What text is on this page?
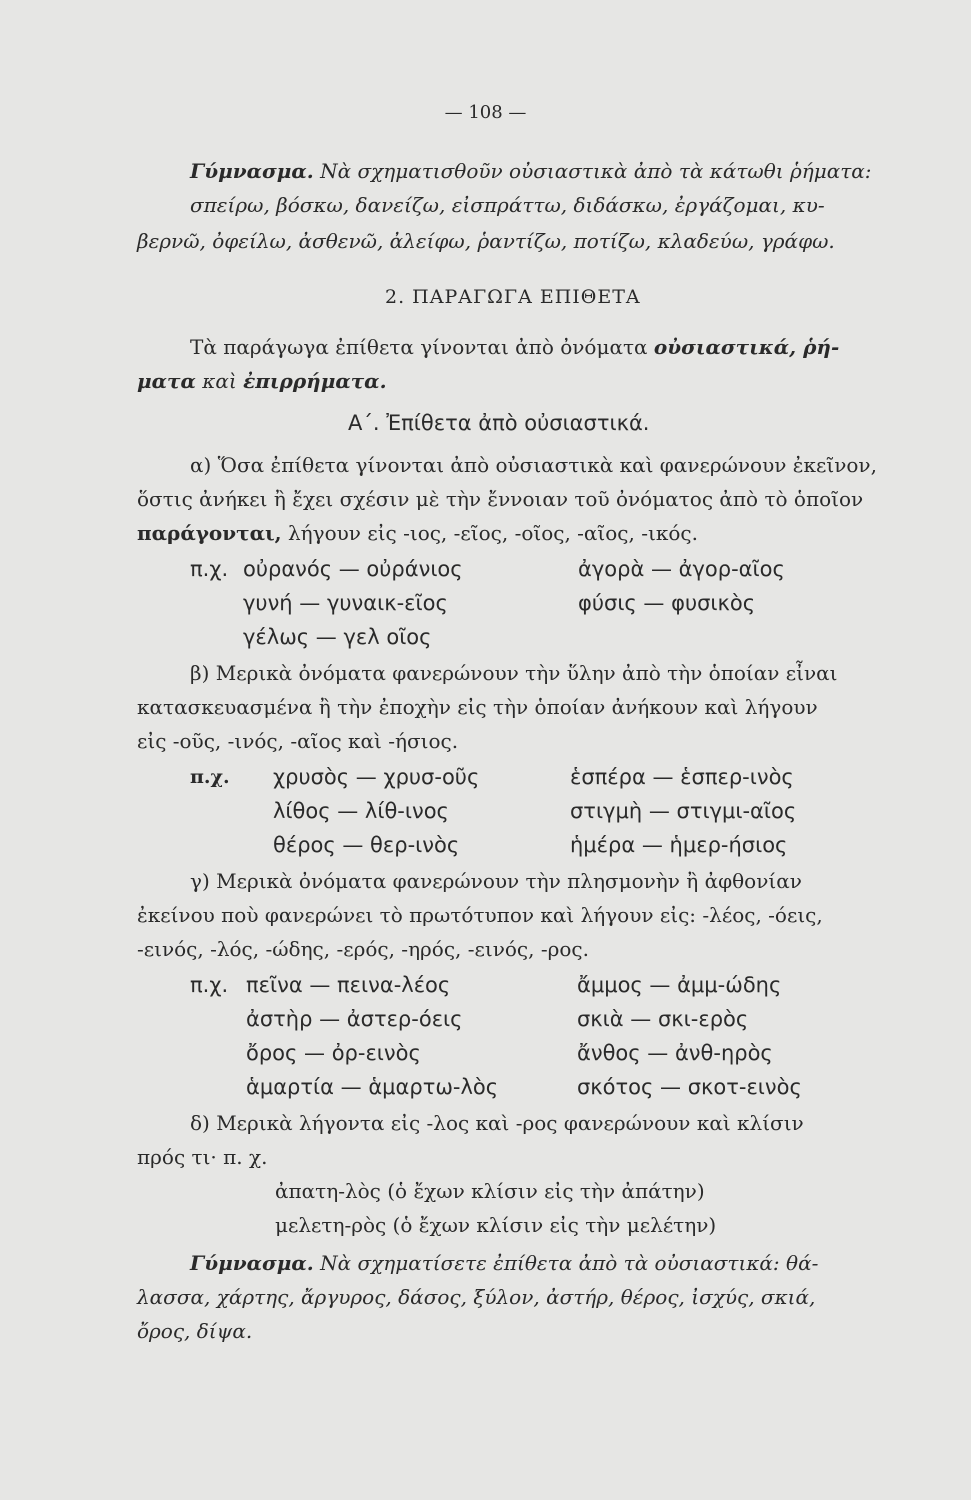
— 108 —
Γύμνασμα. Νὰ σχηματισθοῦν οὐσιαστικὰ ἀπὸ τὰ κάτωθι ῥήματα:
σπείρω, βόσκω, δανείζω, εἰσπράττω, διδάσκω, ἐργάζομαι, κυ-
βερνῶ, ὀφείλω, ἀσθενῶ, ἀλείφω, ῥαντίζω, ποτίζω, κλαδεύω, γράφω.
2. ΠΑΡΑΓΩΓΑ ΕΠΙΘΕΤΑ
Τὰ παράγωγα ἐπίθετα γίνονται ἀπὸ ὀνόματα οὐσιαστικά, ῥή-
ματα καὶ ἐπιρρήματα.
Α΄. Ἐπίθετα ἀπὸ οὐσιαστικά.
α) Ὅσα ἐπίθετα γίνονται ἀπὸ οὐσιαστικὰ καὶ φανερώνουν ἐκεῖνον,
ὅστις ἀνήκει ἢ ἔχει σχέσιν μὲ τὴν ἔννοιαν τοῦ ὀνόματος ἀπὸ τὸ ὁποῖον
παράγονται, λήγουν εἰς -ιος, -εῖος, -οῖος, -αῖος, -ικός.
π.χ. οὐρανός — οὐράνιος
γυνή — γυναικ-εῖος
γέλως — γελ οῖος
ἀγορὰ — ἀγορ-αῖος
φύσις — φυσικὸς
β) Μερικὰ ὀνόματα φανερώνουν τὴν ὕλην ἀπὸ τὴν ὁποίαν εἶναι
κατασκευασμένα ἢ τὴν ἐποχὴν εἰς τὴν ὁποίαν ἀνήκουν καὶ λήγουν
εἰς -οῦς, -ινός, -αῖος καὶ -ήσιος.
π.χ. χρυσὸς — χρυσ-οῦς
λίθος — λίθ-ινος
θέρος — θερ-ινὸς
ἑσπέρα — ἑσπερ-ινὸς
στιγμὴ — στιγμι-αῖος
ἡμέρα — ἡμερ-ήσιος
γ) Μερικὰ ὀνόματα φανερώνουν τὴν πλησμονὴν ἢ ἀφθονίαν
ἐκείνου ποὺ φανερώνει τὸ πρωτότυπον καὶ λήγουν εἰς: -λέος, -όεις,
-εινός, -λός, -ώδης, -ερός, -ηρός, -εινός, -ρος.
π.χ. πεῖνα — πεινα-λέος
ἀστὴρ — ἀστερ-όεις
ὄρος — ὀρ-εινὸς
ἁμαρτία — ἁμαρτω-λὸς
ἄμμος — ἀμμ-ώδης
σκιὰ — σκι-ερὸς
ἄνθος — ἀνθ-ηρὸς
σκότος — σκοτ-εινὸς
δ) Μερικὰ λήγοντα εἰς -λος καὶ -ρος φανερώνουν καὶ κλίσιν
πρός τι· π. χ.
ἀπατη-λὸς (ὁ ἔχων κλίσιν εἰς τὴν ἀπάτην)
μελετη-ρὸς (ὁ ἔχων κλίσιν εἰς τὴν μελέτην)
Γύμνασμα. Νὰ σχηματίσετε ἐπίθετα ἀπὸ τὰ οὐσιαστικά: θά-
λασσα, χάρτης, ἄργυρος, δάσος, ξύλον, ἀστήρ, θέρος, ἰσχύς, σκιά,
ὄρος, δίψα.
